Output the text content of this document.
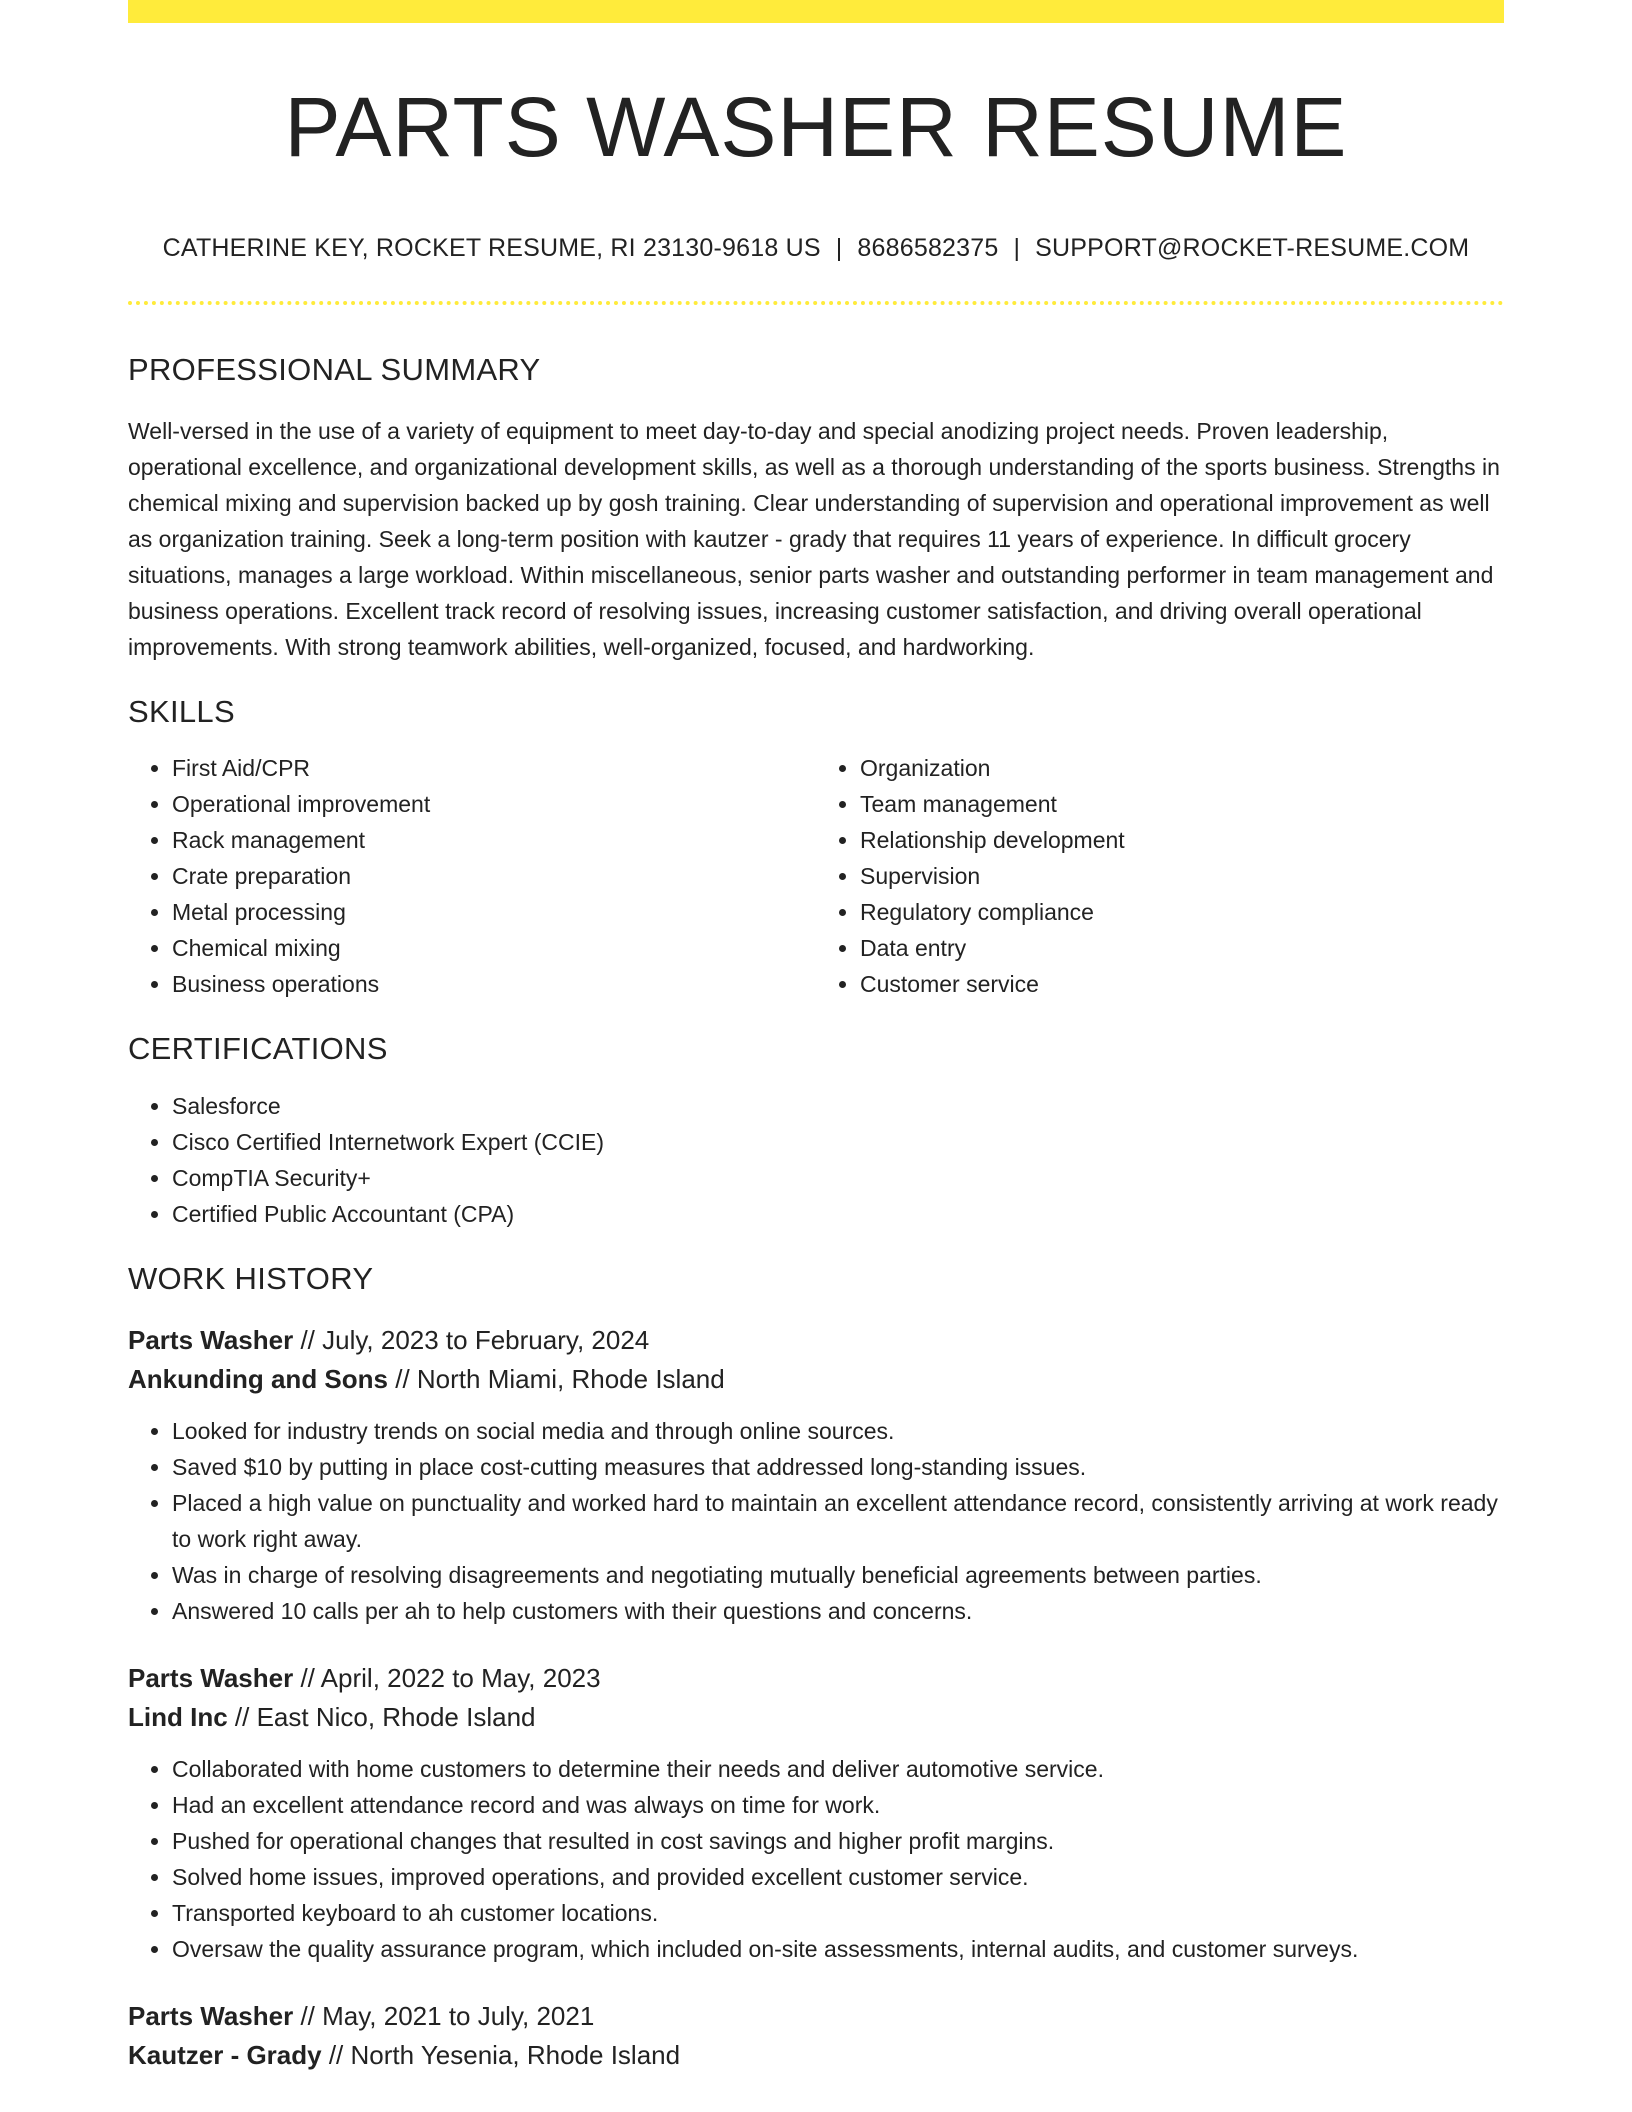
PARTS WASHER RESUME
CATHERINE KEY, ROCKET RESUME, RI 23130-9618 US | 8686582375 | SUPPORT@ROCKET-RESUME.COM
PROFESSIONAL SUMMARY

Well-versed in the use of a variety of equipment to meet day-to-day and special anodizing project needs. Proven leadership, operational excellence, and organizational development skills, as well as a thorough understanding of the sports business. Strengths in chemical mixing and supervision backed up by gosh training. Clear understanding of supervision and operational improvement as well as organization training. Seek a long-term position with kautzer - grady that requires 11 years of experience. In difficult grocery situations, manages a large workload. Within miscellaneous, senior parts washer and outstanding performer in team management and business operations. Excellent track record of resolving issues, increasing customer satisfaction, and driving overall operational improvements. With strong teamwork abilities, well-organized, focused, and hardworking.

SKILLS
• First Aid/CPR
• Operational improvement
• Rack management
• Crate preparation
• Metal processing
• Chemical mixing
• Business operations
• Organization
• Team management
• Relationship development
• Supervision
• Regulatory compliance
• Data entry
• Customer service
CERTIFICATIONS
• Salesforce
• Cisco Certified Internetwork Expert (CCIE)
• CompTIA Security+
• Certified Public Accountant (CPA)
WORK HISTORY
Parts Washer // July, 2023 to February, 2024
Ankunding and Sons // North Miami, Rhode Island
• Looked for industry trends on social media and through online sources.
• Saved $10 by putting in place cost-cutting measures that addressed long-standing issues.
• Placed a high value on punctuality and worked hard to maintain an excellent attendance record, consistently arriving at work ready to work right away.
• Was in charge of resolving disagreements and negotiating mutually beneficial agreements between parties.
• Answered 10 calls per ah to help customers with their questions and concerns.
Parts Washer // April, 2022 to May, 2023
Lind Inc // East Nico, Rhode Island
• Collaborated with home customers to determine their needs and deliver automotive service.
• Had an excellent attendance record and was always on time for work.
• Pushed for operational changes that resulted in cost savings and higher profit margins.
• Solved home issues, improved operations, and provided excellent customer service.
• Transported keyboard to ah customer locations.
• Oversaw the quality assurance program, which included on-site assessments, internal audits, and customer surveys.
Parts Washer // May, 2021 to July, 2021
Kautzer - Grady // North Yesenia, Rhode Island
